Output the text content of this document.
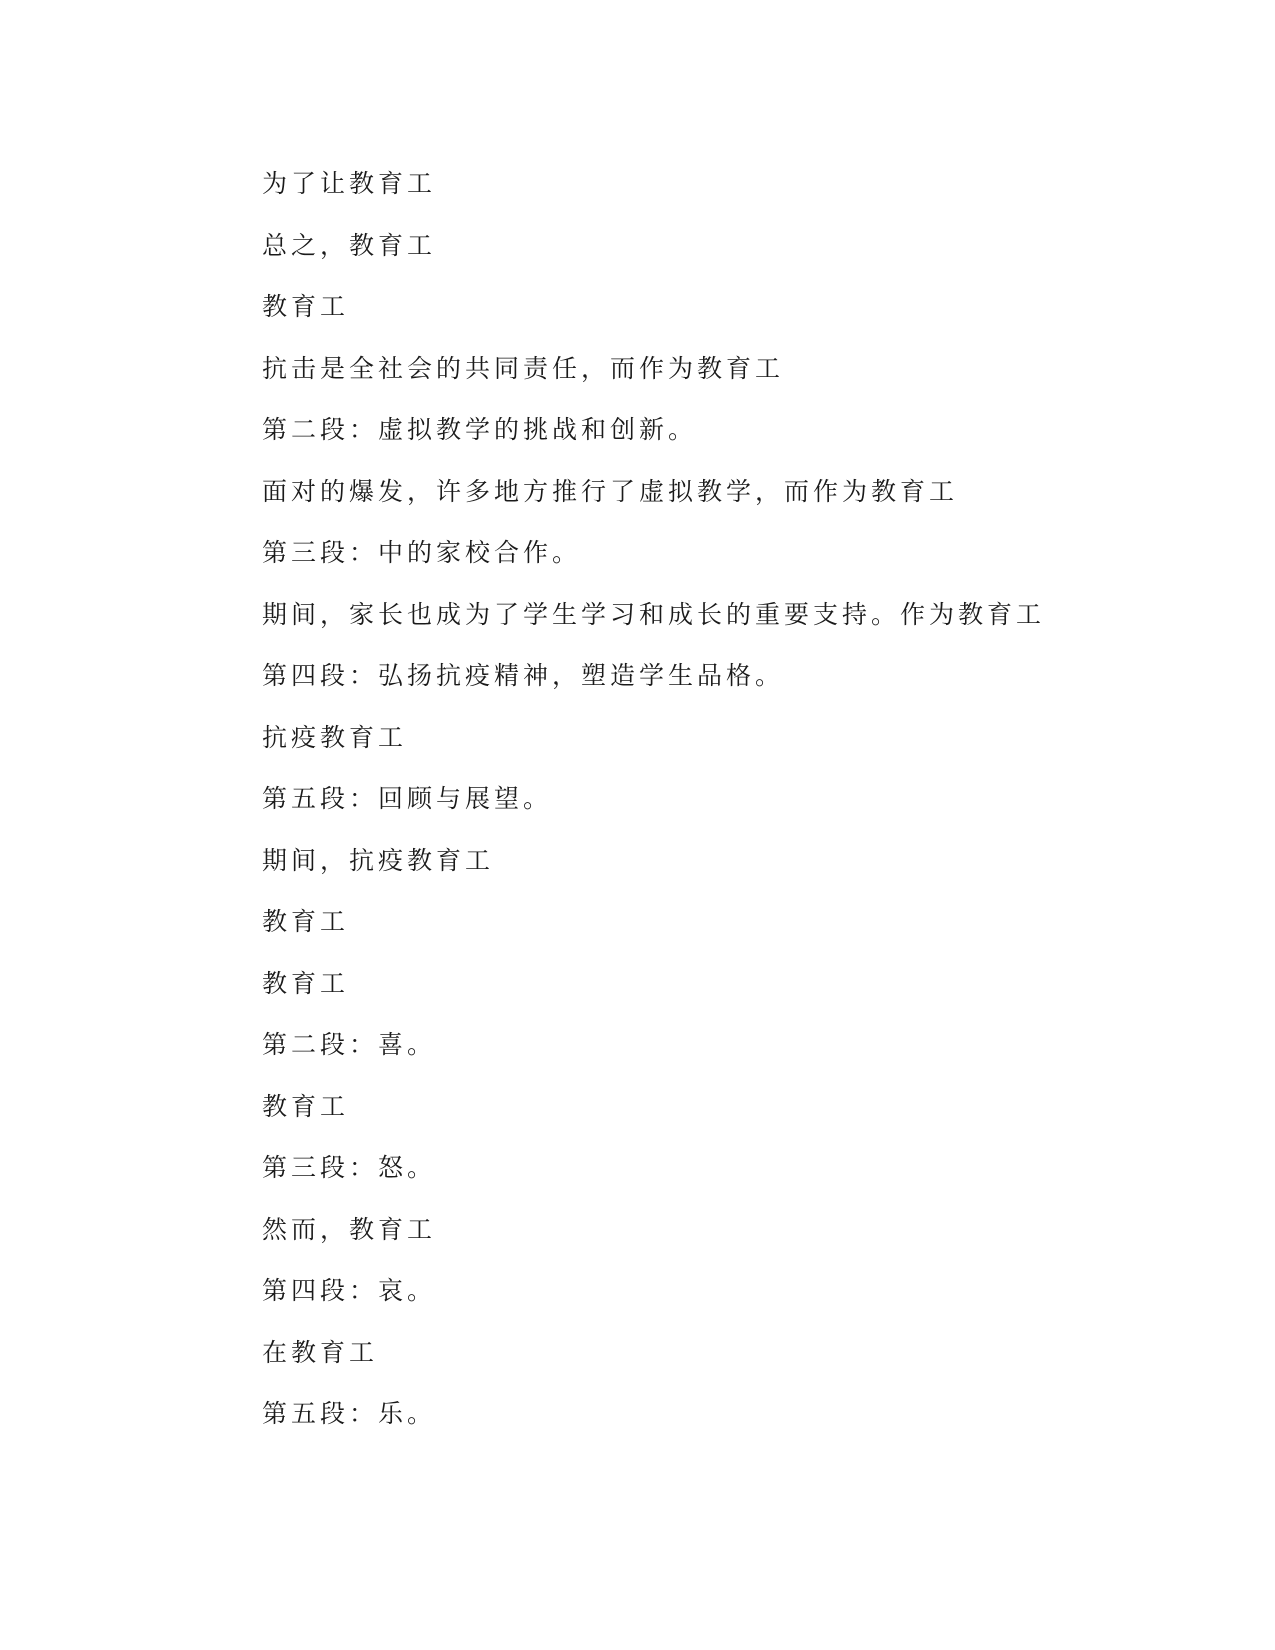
为了让教育工
总之，教育工
教育工
抗击是全社会的共同责任，而作为教育工
第二段：虚拟教学的挑战和创新。
面对的爆发，许多地方推行了虚拟教学，而作为教育工
第三段：中的家校合作。
期间，家长也成为了学生学习和成长的重要支持。作为教育工
第四段：弘扬抗疫精神，塑造学生品格。
抗疫教育工
第五段：回顾与展望。
期间，抗疫教育工
教育工
教育工
第二段：喜。
教育工
第三段：怒。
然而，教育工
第四段：哀。
在教育工
第五段：乐。
